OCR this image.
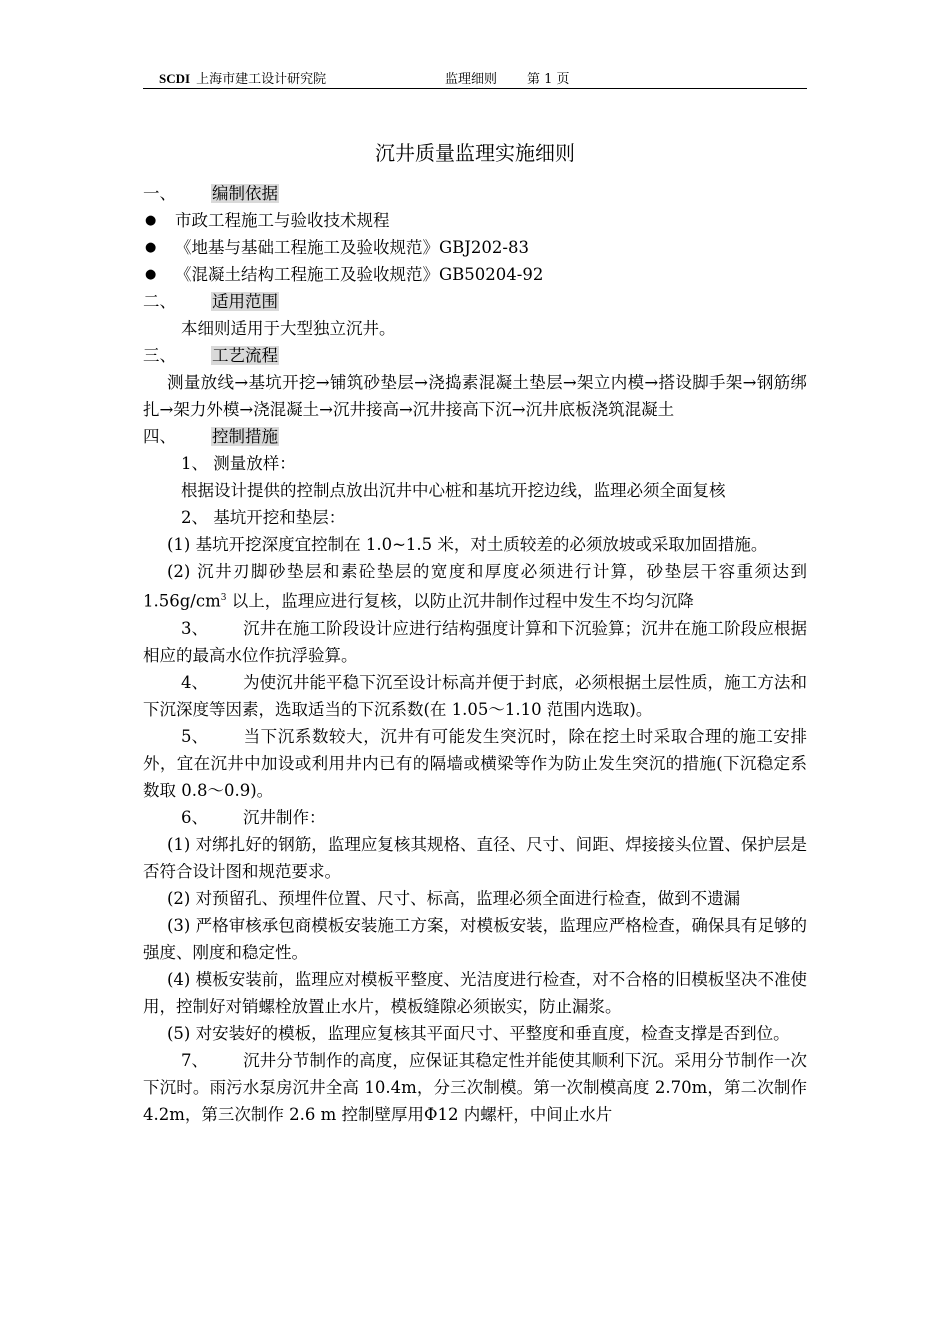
SCDI 上海市建工设计研究院	监理细则 第 1 页
沉井质量监理实施细则
一、 编制依据
● 市政工程施工与验收技术规程
● 《地基与基础工程施工及验收规范》GBJ202-83
● 《混凝土结构工程施工及验收规范》GB50204-92
二、 适用范围
本细则适用于大型独立沉井。
三、 工艺流程
测量放线→基坑开挖→铺筑砂垫层→浇捣素混凝土垫层→架立内模→搭设脚手架→钢筋绑扎→架力外模→浇混凝土→沉井接高→沉井接高下沉→沉井底板浇筑混凝土
四、 控制措施
1、 测量放样：
根据设计提供的控制点放出沉井中心桩和基坑开挖边线，监理必须全面复核
2、 基坑开挖和垫层：
(1) 基坑开挖深度宜控制在 1.0~1.5 米，对土质较差的必须放坡或采取加固措施。
(2) 沉井刃脚砂垫层和素砼垫层的宽度和厚度必须进行计算，砂垫层干容重须达到 $1.56g/cm^3$ 以上，监理应进行复核，以防止沉井制作过程中发生不均匀沉降
3、 沉井在施工阶段设计应进行结构强度计算和下沉验算；沉井在施工阶段应根据相应的最高水位作抗浮验算。
4、 为使沉井能平稳下沉至设计标高并便于封底，必须根据土层性质，施工方法和下沉深度等因素，选取适当的下沉系数(在 1.05～1.10 范围内选取)。
5、 当下沉系数较大，沉井有可能发生突沉时，除在挖土时采取合理的施工安排外，宜在沉井中加设或利用井内已有的隔墙或横梁等作为防止发生突沉的措施(下沉稳定系数取 0.8～0.9)。
6、 沉井制作：
(1) 对绑扎好的钢筋，监理应复核其规格、直径、尺寸、间距、焊接接头位置、保护层是否符合设计图和规范要求。
(2) 对预留孔、预埋件位置、尺寸、标高，监理必须全面进行检查，做到不遗漏
(3) 严格审核承包商模板安装施工方案，对模板安装，监理应严格检查，确保具有足够的强度、刚度和稳定性。
(4) 模板安装前，监理应对模板平整度、光洁度进行检查，对不合格的旧模板坚决不准使用，控制好对销螺栓放置止水片，模板缝隙必须嵌实，防止漏浆。
(5) 对安装好的模板，监理应复核其平面尺寸、平整度和垂直度，检查支撑是否到位。
7、 沉井分节制作的高度，应保证其稳定性并能使其顺利下沉。采用分节制作一次下沉时。雨污水泵房沉井全高 10.4m，分三次制模。第一次制模高度 2.70m，第二次制作 4.2m，第三次制作 2.6 m 控制壁厚用Φ12 内螺杆，中间止水片
